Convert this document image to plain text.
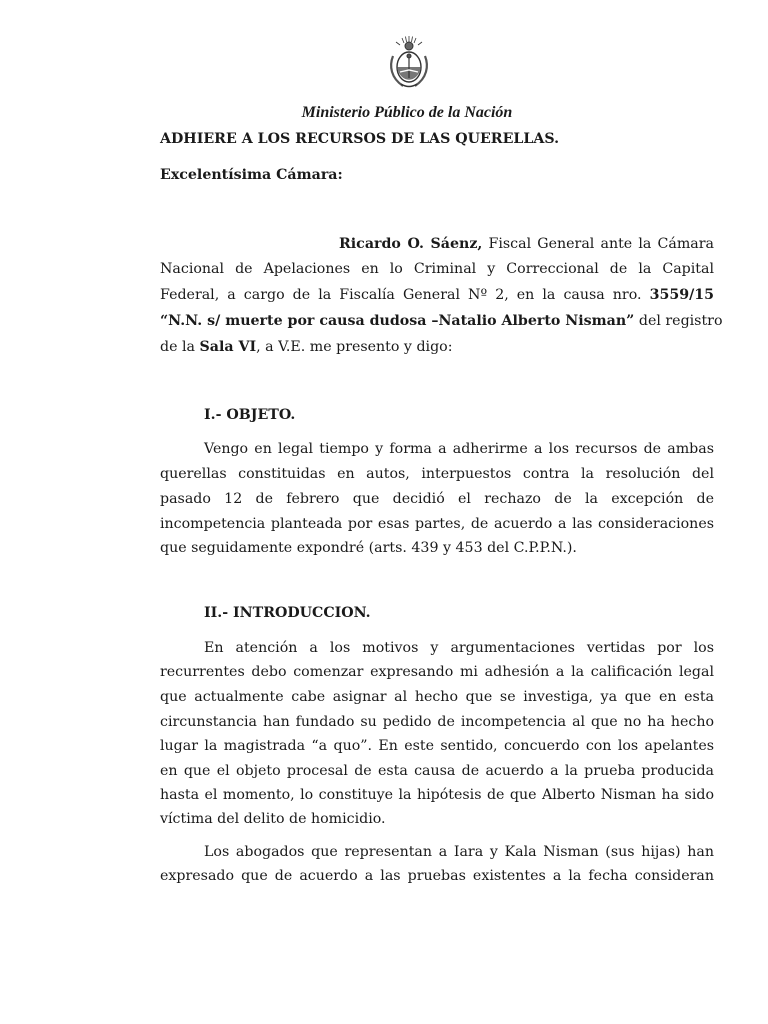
Ministerio Público de la Nación
ADHIERE A LOS RECURSOS DE LAS QUERELLAS.
Excelentísima Cámara:
Ricardo O. Sáenz, Fiscal General ante la Cámara
Nacional de Apelaciones en lo Criminal y Correccional de la Capital
Federal, a cargo de la Fiscalía General Nº 2, en la causa nro. 3559/15
“N.N. s/ muerte por causa dudosa –Natalio Alberto Nisman” del registro
de la Sala VI, a V.E. me presento y digo:
I.- OBJETO.
Vengo en legal tiempo y forma a adherirme a los recursos de ambas
querellas constituidas en autos, interpuestos contra la resolución del
pasado 12 de febrero que decidió el rechazo de la excepción de
incompetencia planteada por esas partes, de acuerdo a las consideraciones
que seguidamente expondré (arts. 439 y 453 del C.P.P.N.).
II.- INTRODUCCION.
En atención a los motivos y argumentaciones vertidas por los
recurrentes debo comenzar expresando mi adhesión a la calificación legal
que actualmente cabe asignar al hecho que se investiga, ya que en esta
circunstancia han fundado su pedido de incompetencia al que no ha hecho
lugar la magistrada “a quo”. En este sentido, concuerdo con los apelantes
en que el objeto procesal de esta causa de acuerdo a la prueba producida
hasta el momento, lo constituye la hipótesis de que Alberto Nisman ha sido
víctima del delito de homicidio.
Los abogados que representan a Iara y Kala Nisman (sus hijas) han
expresado que de acuerdo a las pruebas existentes a la fecha consideran
